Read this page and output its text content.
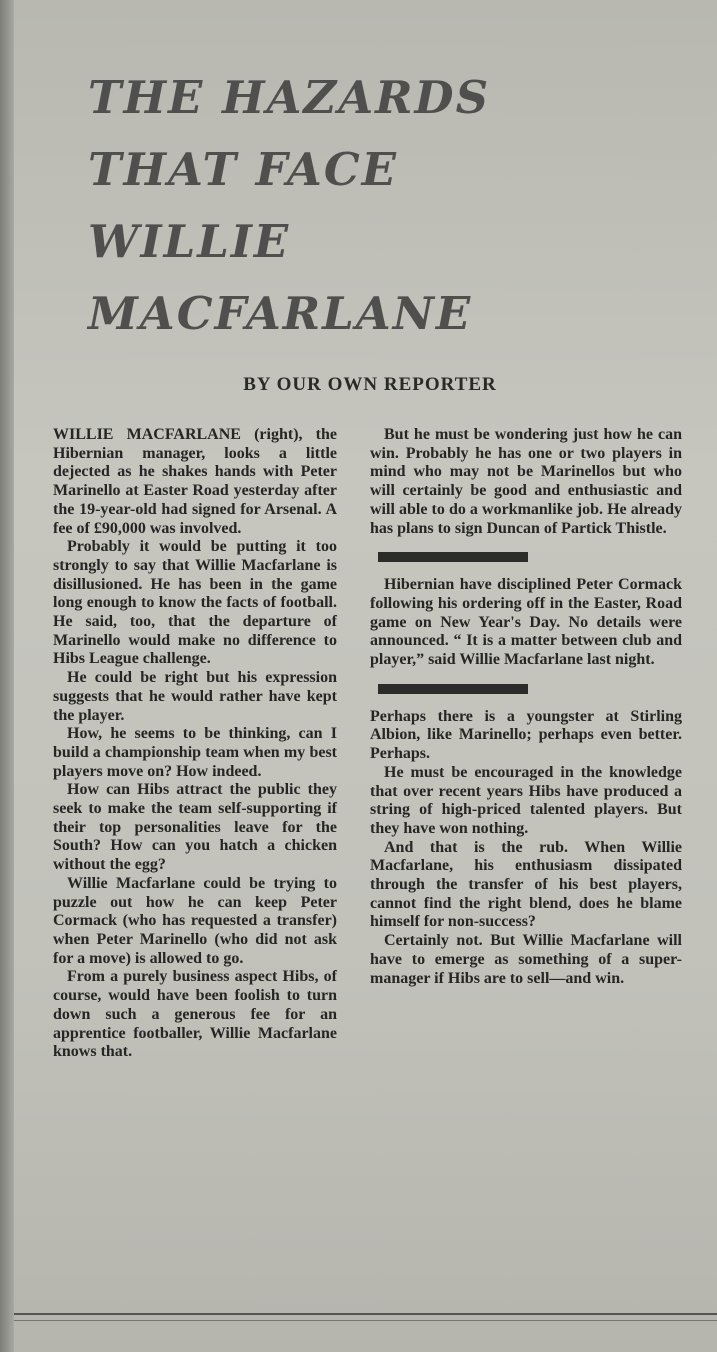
THE HAZARDS
THAT FACE
WILLIE
MACFARLANE
BY OUR OWN REPORTER

WILLIE MACFARLANE (right), the Hibernian manager, looks a little dejected as he shakes hands with Peter Marinello at Easter Road yesterday after the 19-year-old had signed for Arsenal. A fee of £90,000 was involved.

Probably it would be putting it too strongly to say that Willie Macfarlane is disillusioned. He has been in the game long enough to know the facts of football. He said, too, that the departure of Marinello would make no difference to Hibs League challenge.

He could be right but his expression suggests that he would rather have kept the player.

How, he seems to be thinking, can I build a championship team when my best players move on? How indeed.

How can Hibs attract the public they seek to make the team self-supporting if their top personalities leave for the South? How can you hatch a chicken without the egg?

Willie Macfarlane could be trying to puzzle out how he can keep Peter Cormack (who has requested a transfer) when Peter Marinello (who did not ask for a move) is allowed to go.

From a purely business aspect Hibs, of course, would have been foolish to turn down such a generous fee for an apprentice footballer, Willie Macfarlane knows that.

But he must be wondering just how he can win. Probably he has one or two players in mind who may not be Marinellos but who will certainly be good and enthusiastic and will able to do a workmanlike job. He already has plans to sign Duncan of Partick Thistle.

Hibernian have disciplined Peter Cormack following his ordering off in the Easter, Road game on New Year's Day. No details were announced. “ It is a matter between club and player,” said Willie Macfarlane last night.

Perhaps there is a youngster at Stirling Albion, like Marinello; perhaps even better. Perhaps.

He must be encouraged in the knowledge that over recent years Hibs have produced a string of high-priced talented players. But they have won nothing.

And that is the rub. When Willie Macfarlane, his enthusiasm dissipated through the transfer of his best players, cannot find the right blend, does he blame himself for non-success?

Certainly not. But Willie Macfarlane will have to emerge as something of a super-manager if Hibs are to sell—and win.
